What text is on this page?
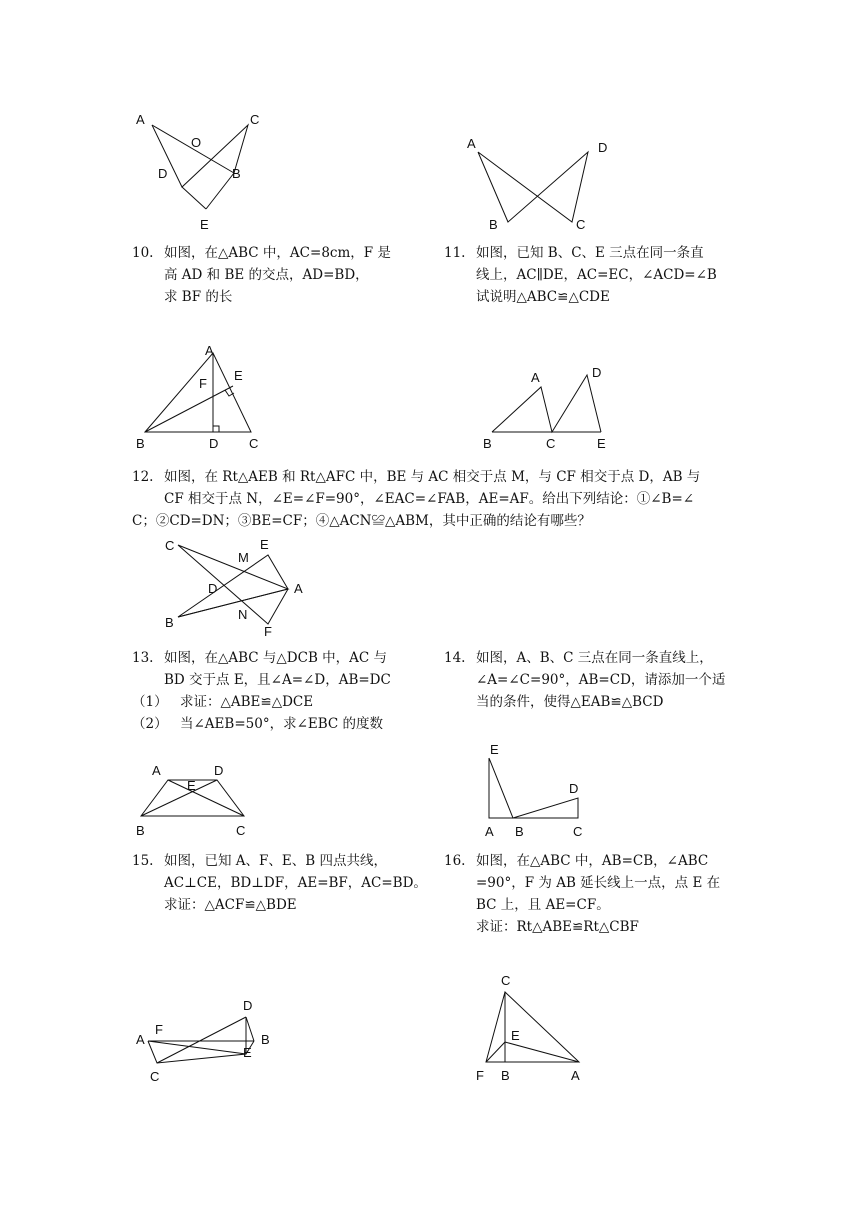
A	C
O
D	B
E
A	D
B	C
10. 如图，在△ABC 中，AC=8cm，F 是
高 AD 和 BE 的交点，AD=BD，
求 BF 的长
11. 如图，已知 B、C、E 三点在同一条直
线上，AC∥DE，AC=EC，∠ACD=∠B
试说明△ABC≌△CDE
A
F
E
B	D C
A	D
B	C	E
12. 如图，在 Rt△AEB 和 Rt△AFC 中，BE 与 AC 相交于点 M，与 CF 相交于点 D，AB 与
CF 相交于点 N，∠E=∠F=90°，∠EAC=∠FAB，AE=AF。给出下列结论：①∠B=∠
C；②CD=DN；③BE=CF；④△ACN≌△ABM，其中正确的结论有哪些？
C
M
E
D	A
B
N
F
13. 如图，在△ABC 与△DCB 中，AC 与
BD 交于点 E，且∠A=∠D，AB=DC
（1） 求证：△ABE≌△DCE
（2） 当∠AEB=50°，求∠EBC 的度数
14. 如图，A、B、C 三点在同一条直线上，
∠A=∠C=90°，AB=CD，请添加一个适
当的条件，使得△EAB≌△BCD
A	D
E
B	C
E
D
A B	C
15. 如图，已知 A、F、E、B 四点共线，
AC⊥CE，BD⊥DF，AE=BF，AC=BD。
求证：△ACF≌△BDE
16. 如图，在△ABC 中，AB=CB，∠ABC
=90°，F 为 AB 延长线上一点，点 E 在
BC 上，且 AE=CF。
求证：Rt△ABE≌Rt△CBF
D
F
A	B
E
C
C
E
F B	A
